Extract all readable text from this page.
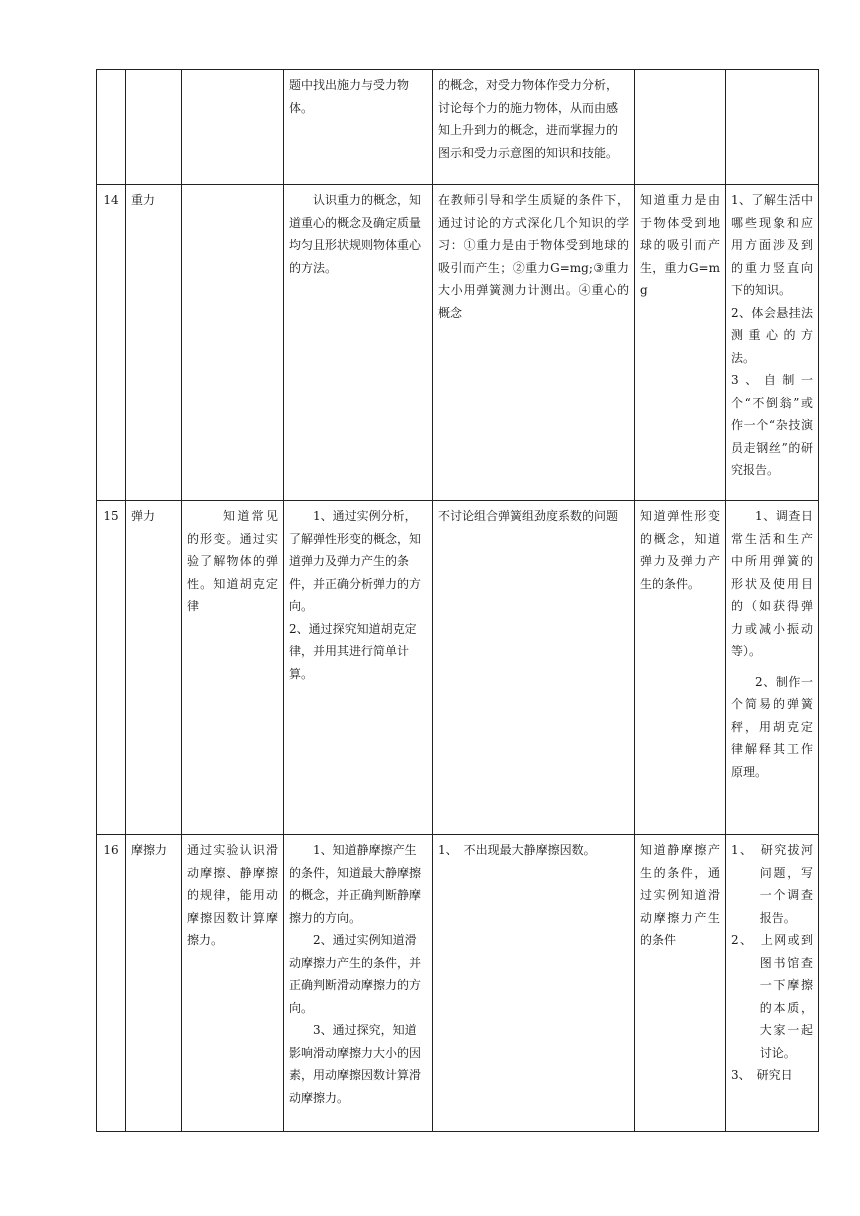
			题中找出施力与受力物体。	的概念，对受力物体作受力分析，讨论每个力的施力物体，从而由感知上升到力的概念，进而掌握力的图示和受力示意图的知识和技能。		

14	重力		认识重力的概念，知道重心的概念及确定质量均匀且形状规则物体重心的方法。	在教师引导和学生质疑的条件下，通过讨论的方式深化几个知识的学习：①重力是由于物体受到地球的吸引而产生；②重力G=mg;③重力大小用弹簧测力计测出。④重心的概念	知道重力是由于物体受到地球的吸引而产生，重力G=mg	1、了解生活中哪些现象和应用方面涉及到的重力竖直向下的知识。
2、体会悬挂法测重心的方法。
3、自制一个“不倒翁”或作一个“杂技演员走钢丝”的研究报告。

15	弹力	知道常见的形变。通过实验了解物体的弹性。知道胡克定律	1、通过实例分析，了解弹性形变的概念，知道弹力及弹力产生的条件，并正确分析弹力的方向。
2、通过探究知道胡克定律，并用其进行简单计算。	不讨论组合弹簧组劲度系数的问题	知道弹性形变的概念，知道弹力及弹力产生的条件。	1、调查日常生活和生产中所用弹簧的形状及使用目的（如获得弹力或减小振动等）。
2、制作一个简易的弹簧秤，用胡克定律解释其工作原理。

16	摩擦力	通过实验认识滑动摩擦、静摩擦的规律，能用动摩擦因数计算摩擦力。	1、知道静摩擦产生的条件，知道最大静摩擦的概念，并正确判断静摩擦力的方向。
2、通过实例知道滑动摩擦力产生的条件，并正确判断滑动摩擦力的方向。
3、通过探究，知道影响滑动摩擦力大小的因素，用动摩擦因数计算滑动摩擦力。	1、　不出现最大静摩擦因数。	知道静摩擦产生的条件，通过实例知道滑动摩擦力产生的条件	1、　研究拔河问题，写一个调查报告。
2、　上网或到图书馆查一下摩擦的本质，大家一起讨论。
3、　研究日
